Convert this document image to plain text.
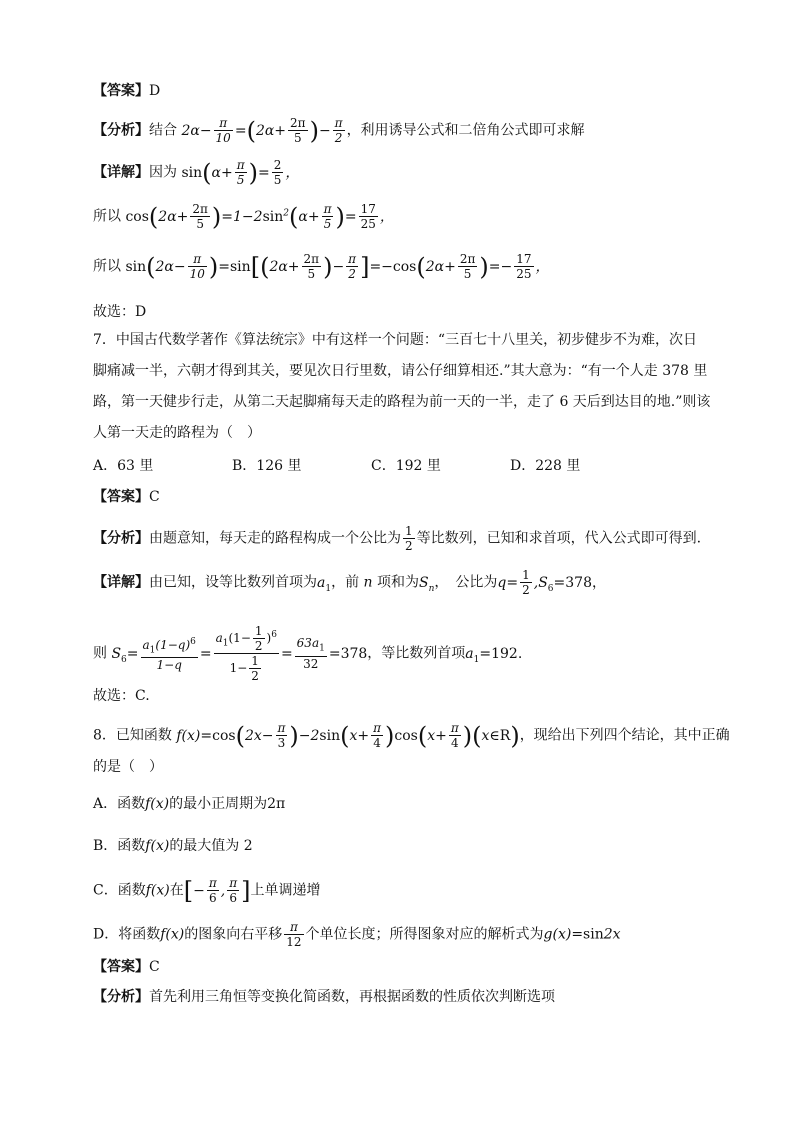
【答案】D
【分析】结合 $2\alpha- \frac{\pi}{10} =(2\alpha+ \frac{2\pi}{5}$ )− $\frac{\pi}{2}$ ，利用诱导公式和二倍角公式即可求解
【详解】因为 $\sin(\alpha+ \frac{\pi}{5}$ )= $\frac{2}{5}$ ，
所以 $\cos(2\alpha+ \frac{2\pi}{5} )=1-2\sin^2(\alpha+ \frac{\pi}{5}$ )= $\frac{17}{25}$ ，
所以 $\sin(2\alpha- \frac{\pi}{10} )=\sin[(2\alpha+ \frac{2\pi}{5}$ )− $\frac{\pi}{2} ]=-\cos(2\alpha+ \frac{2\pi}{5}$ )=− $\frac{17}{25}$ ，
故选：D
7．中国古代数学著作《算法统宗》中有这样一个问题：“三百七十八里关，初步健步不为难，次日
脚痛减一半，六朝才得到其关，要见次日行里数，请公仔细算相还.”其大意为：“有一个人走 378 里
路，第一天健步行走，从第二天起脚痛每天走的路程为前一天的一半，走了 6 天后到达目的地.”则该
人第一天走的路程为（　）
A．63 里	B．126 里	C．192 里	D．228 里
【答案】C
【分析】由题意知，每天走的路程构成一个公比为 $\frac{1}{2}$ 等比数列，已知和求首项，代入公式即可得到.
【详解】由已知，设等比数列首项为$a_1$，前 n 项和为$S_n$，　公比为$q= \frac{1}{2} ,S_6=378$，
则 $S_6= \frac{a_1(1-q)^6}{1-q} = \frac{a_1(1- \frac{1}{2} )^6}{1- \frac{1}{2}} = \frac{63a_1}{32} =378$，等比数列首项$a_1=192$.
故选：C.
8．已知函数 $f(x)=\cos(2x- \frac{\pi}{3} )-2\sin(x+ \frac{\pi}{4} )\cos(x+ \frac{\pi}{4}$ )(x∈R)，现给出下列四个结论，其中正确
的是（　）
A．函数f(x)的最小正周期为2π
B．函数f(x)的最大值为 2
C．函数f(x)在[− $\frac{\pi}{6}$ , $\frac{\pi}{6}$ ]上单调递增
D．将函数f(x)的图象向右平移 $\frac{\pi}{12}$ 个单位长度；所得图象对应的解析式为g(x)=sin2x
【答案】C
【分析】首先利用三角恒等变换化简函数，再根据函数的性质依次判断选项
